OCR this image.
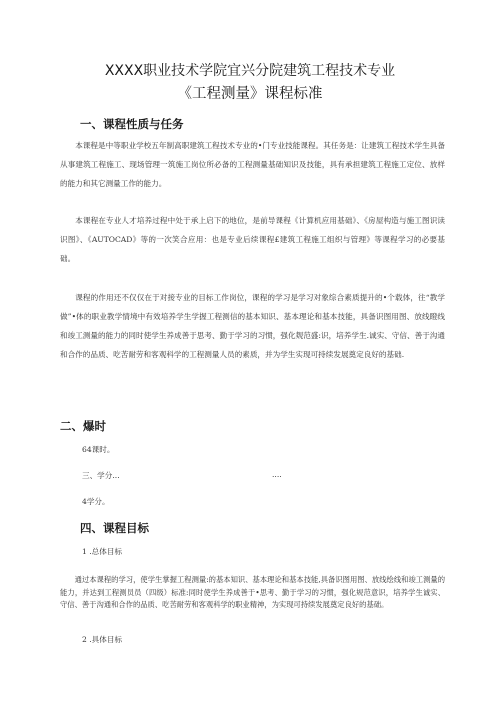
XXXX职业技术学院宜兴分院建筑工程技术专业
《工程测量》课程标准
一、课程性质与任务
本课程是中等职业学校五年制高职建筑工程技术专业的•门专业技能课程。其任务是：让建筑工程技术学生具备从事建筑工程施工、现场管理一筑施工岗位所必备的工程测量基础知识及技能，具有承担建筑工程施工定位、放样的能力和其它测量工作的能力。
本课程在专业人才培养过程中处于承上启下的地位，是前导课程《计算机应用基础》、《房屋构造与施工图识读识图》、《AUTOCAD》等的一次笑合应用：也是专业后续课程£建筑工程施工组织与管理》等课程学习的必要基础。
课程的作用还不仅仅在于对接专业的目标工作岗位，课程的学习是学习对象综合素质提升的•个载体，往“教学做”•体的职业教学情境中有效培养学生学握工程测信的基本知识、基本理论和基本技能，具备识图用图、放线瞪线和竣工测量的能力的同时使学生养成善于思考、勤于学习的习惯，强化觌范盛:识，培养学生.诚实、守信、善于沟通和合作的品质、吃苦耐劳和客观科学的工程测量人员的素质，并为学生实现可持续发展奠定良好的基础.
二、爆时
64课时。
三、学分...	....
4学分。
四、课程目标
1 .总体目标
通过本课程的学习，使学生掌握工程测量:的基本知识、基本理论和基本技能,具备识图用图、放线绘线和竣工测量的能力，并达到工程测员员（四级）标准:同时使学生养成善于•思考、勤于学习的习惯，强化规范意识，培养学生诚实、守信、善于沟通和合作的品质、吃苦耐劳和客观科学的职业精神，为实现可持续发展奠定良好的基础。
2 .具体目标
